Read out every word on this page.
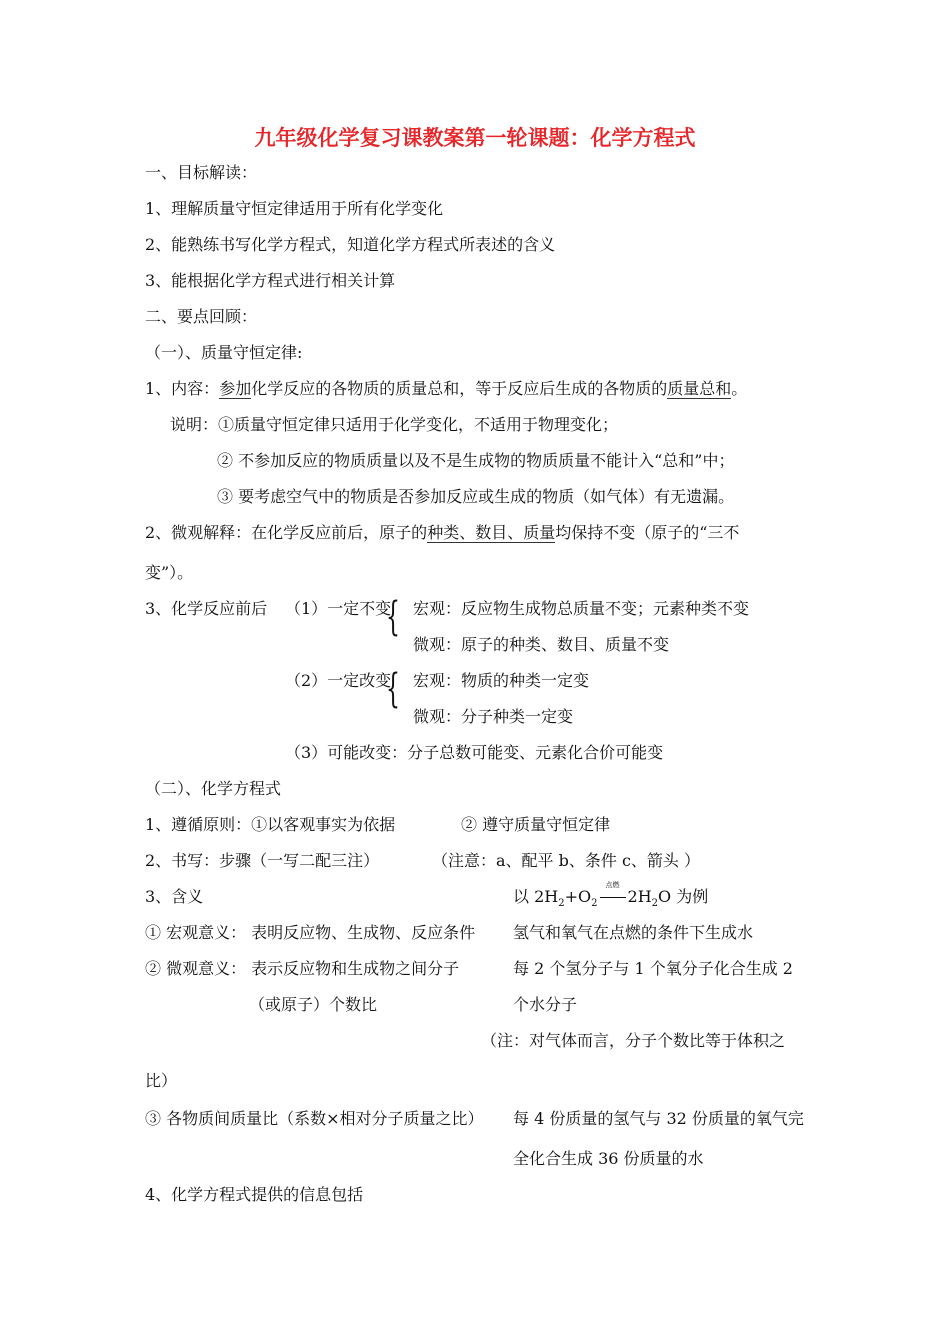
九年级化学复习课教案第一轮课题：化学方程式
一、目标解读：
1、理解质量守恒定律适用于所有化学变化
2、能熟练书写化学方程式，知道化学方程式所表述的含义
3、能根据化学方程式进行相关计算
二、要点回顾：
（一）、质量守恒定律:
1、内容：参加化学反应的各物质的质量总和，等于反应后生成的各物质的质量总和。
说明：①质量守恒定律只适用于化学变化，不适用于物理变化；
② 不参加反应的物质质量以及不是生成物的物质质量不能计入“总和”中；
③ 要考虑空气中的物质是否参加反应或生成的物质（如气体）有无遗漏。
2、微观解释：在化学反应前后，原子的种类、数目、质量均保持不变（原子的“三不
变”）。
3、化学反应前后 （1）一定不变
{ 宏观：反应物生成物总质量不变；元素种类不变
微观：原子的种类、数目、质量不变
（2）一定改变
{ 宏观：物质的种类一定变
微观：分子种类一定变
（3）可能改变：分子总数可能变、元素化合价可能变
（二）、化学方程式
1、遵循原则：①以客观事实为依据	② 遵守质量守恒定律
2、书写：步骤（一写二配三注）	（注意：a、配平 b、条件 c、箭头 ）
3、含义	以 $2H_2+O_2$
点燃
$2H_2O$ 为例
① 宏观意义： 表明反应物、生成物、反应条件 氢气和氧气在点燃的条件下生成水
② 微观意义： 表示反应物和生成物之间分子	每 2 个氢分子与 1 个氧分子化合生成 2
（或原子）个数比	个水分子
（注：对气体而言，分子个数比等于体积之
比）
③ 各物质间质量比（系数×相对分子质量之比） 每 4 份质量的氢气与 32 份质量的氧气完
全化合生成 36 份质量的水
4、化学方程式提供的信息包括
